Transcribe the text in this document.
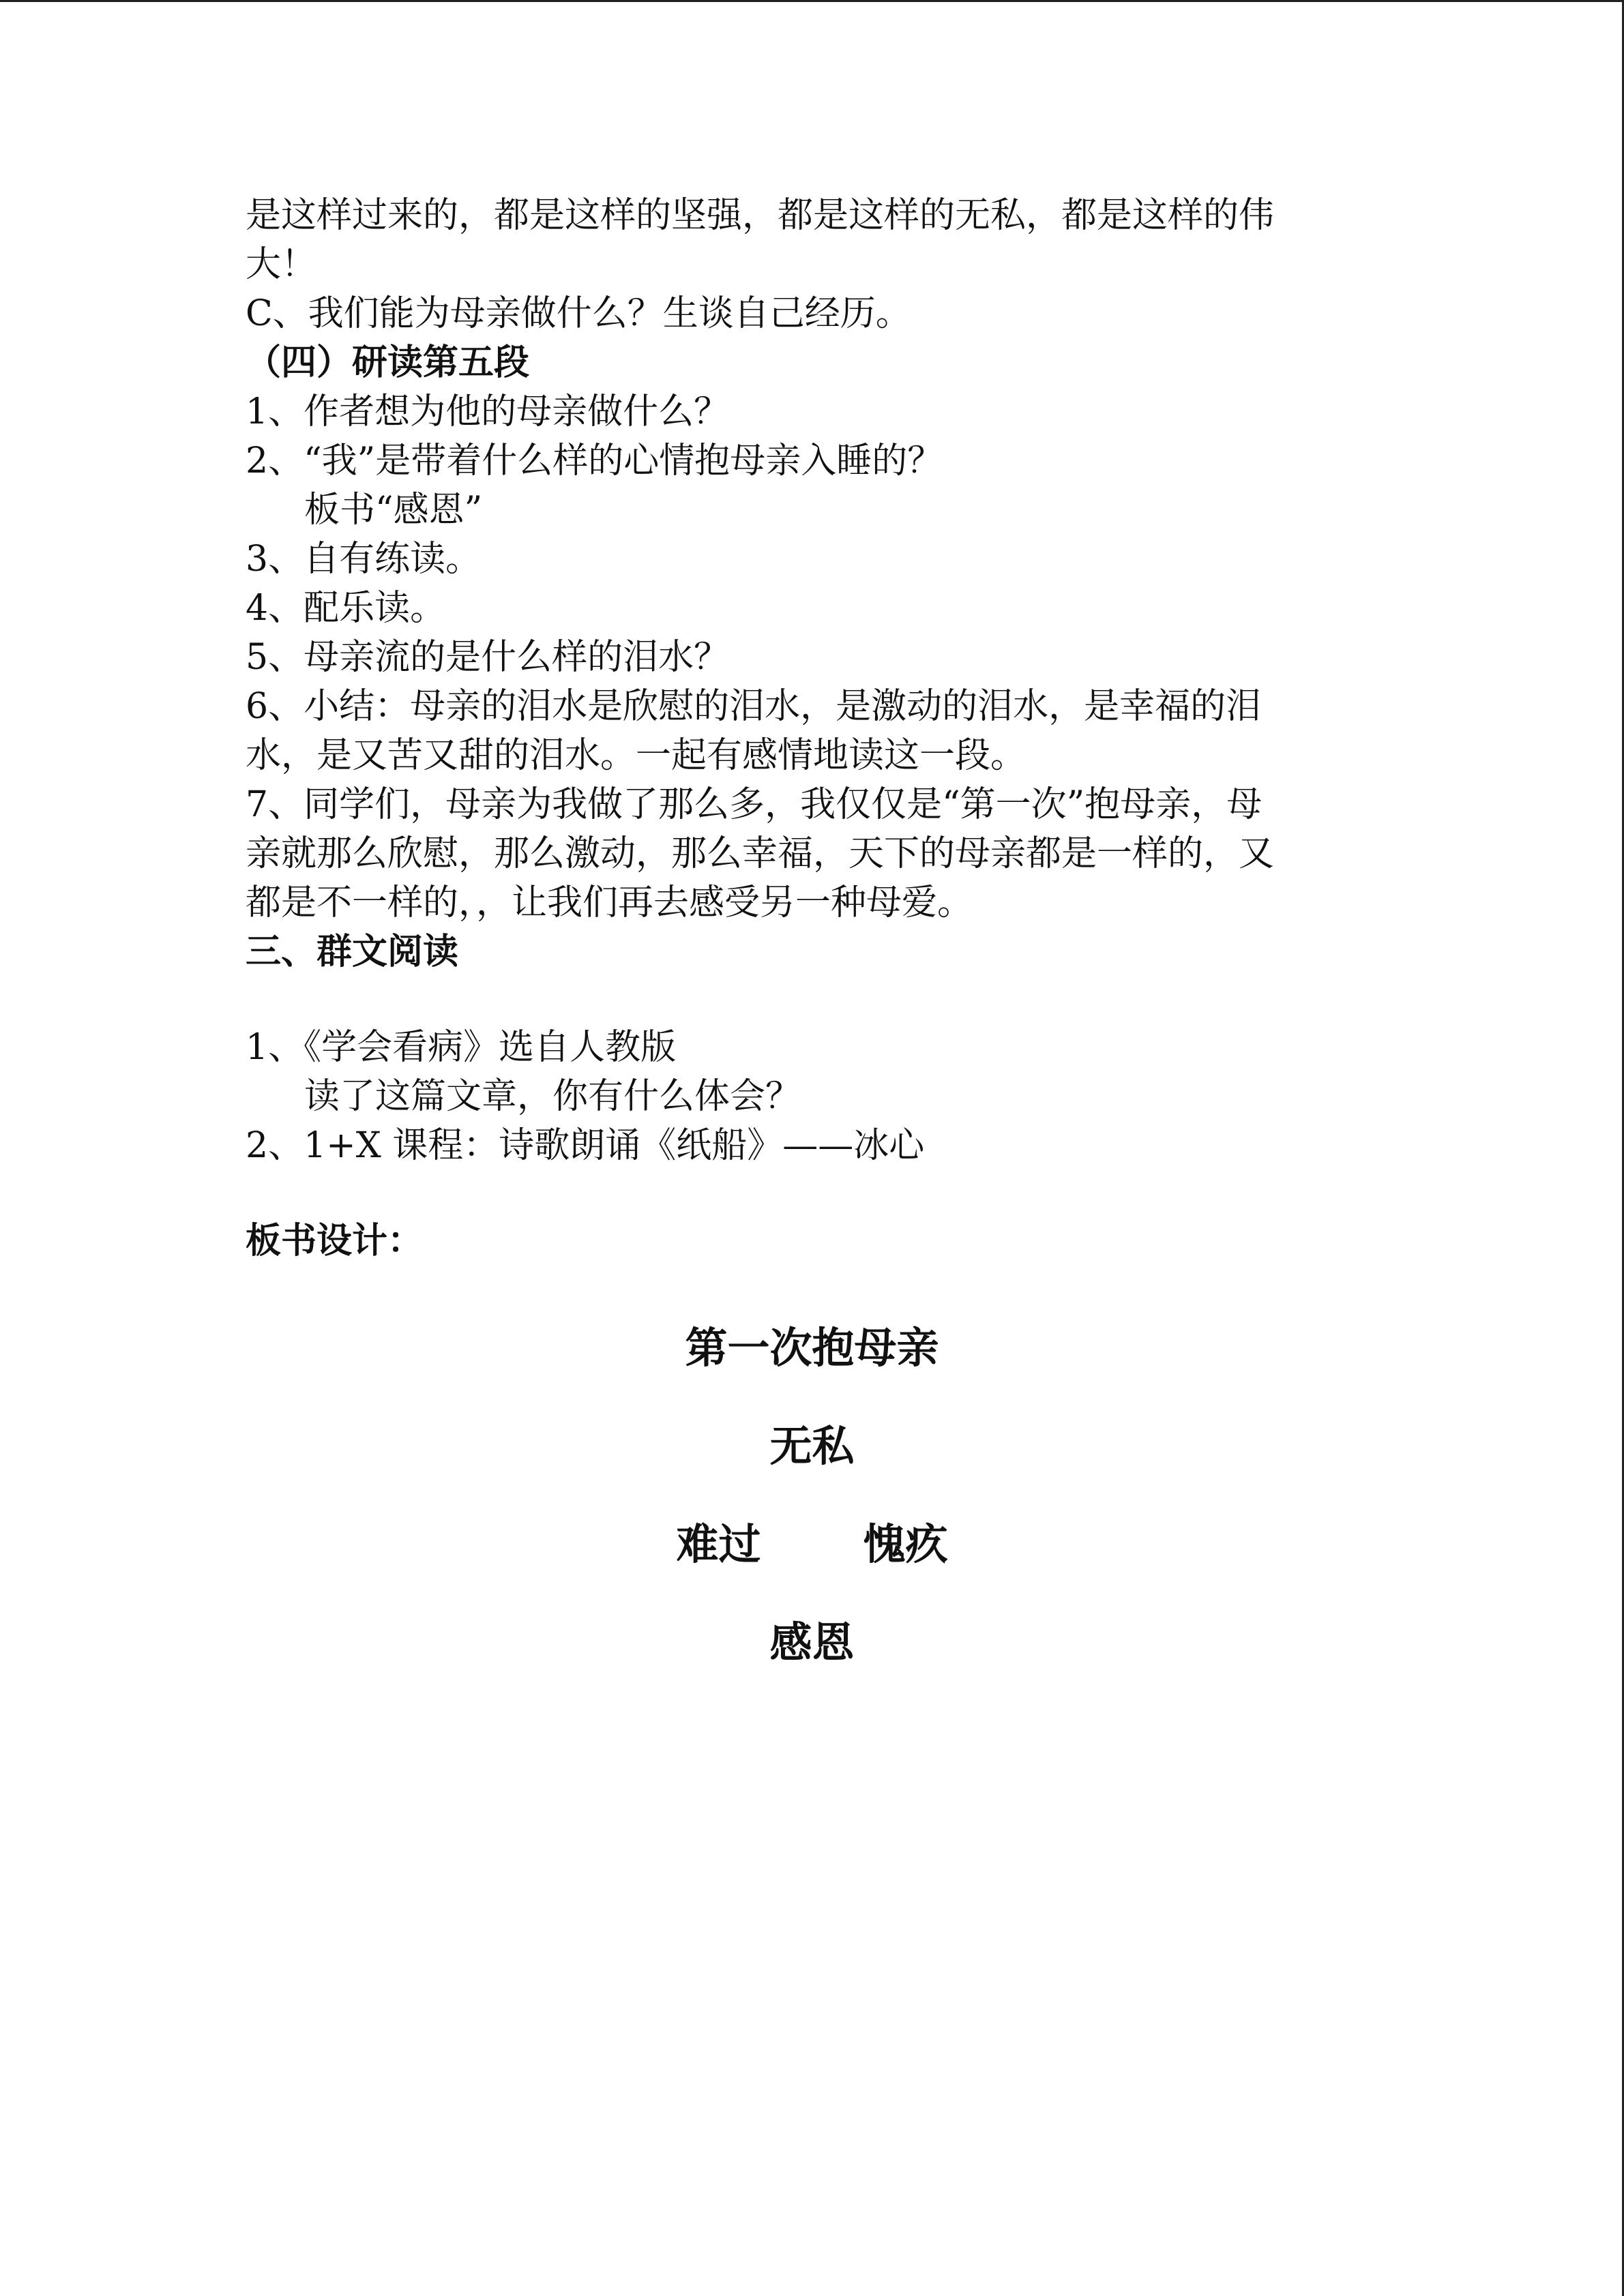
是这样过来的，都是这样的坚强，都是这样的无私，都是这样的伟
大！
C、我们能为母亲做什么？生谈自己经历。
（四）研读第五段
1、作者想为他的母亲做什么？
2、“我”是带着什么样的心情抱母亲入睡的？
板书“感恩”
3、自有练读。
4、配乐读。
5、母亲流的是什么样的泪水？
6、小结：母亲的泪水是欣慰的泪水，是激动的泪水，是幸福的泪
水，是又苦又甜的泪水。一起有感情地读这一段。
7、同学们，母亲为我做了那么多，我仅仅是“第一次”抱母亲，母
亲就那么欣慰，那么激动，那么幸福，天下的母亲都是一样的，又
都是不一样的，，让我们再去感受另一种母爱。
三、群文阅读
1、《学会看病》选自人教版
读了这篇文章，你有什么体会？
2、1+X 课程：诗歌朗诵《纸船》——冰心
板书设计：
第一次抱母亲
无私
难过 愧疚
感恩
